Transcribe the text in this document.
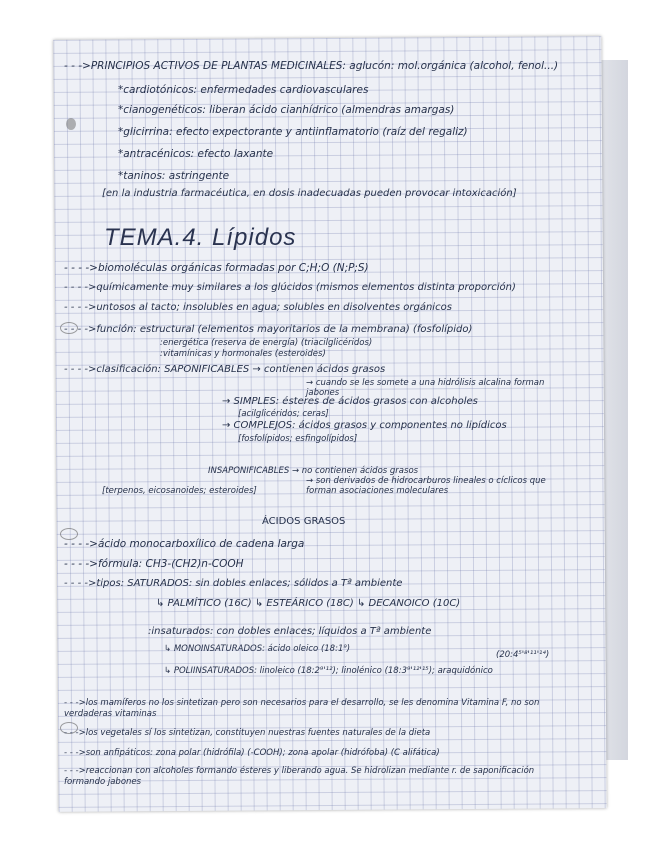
- - ->PRINCIPIOS ACTIVOS DE PLANTAS MEDICINALES: aglucón: mol.orgánica (alcohol, fenol...)
*cardiotónicos: enfermedades cardiovasculares
*cianogenéticos: liberan ácido cianhídrico (almendras amargas)
*glicirrina: efecto expectorante y antiinflamatorio (raíz del regaliz)
*antracénicos: efecto laxante
*taninos: astringente
[en la industria farmacéutica, en dosis inadecuadas pueden provocar intoxicación]
TEMA.4. Lípidos
- - - ->biomoléculas orgánicas formadas por C;H;O (N;P;S)
- - - ->químicamente muy similares a los glúcidos (mismos elementos distinta proporción)
- - - ->untosos al tacto; insolubles en agua; solubles en disolventes orgánicos
- - - ->función: estructural (elementos mayoritarios de la membrana) (fosfolípido)
:energética (reserva de energía) (triacilglicéridos)
:vitamínicas y hormonales (esteroides)
- - - ->clasificación: SAPONIFICABLES → contienen ácidos grasos
→ cuando se les somete a una hidrólisis alcalina forman jabones
→ SIMPLES: ésteres de ácidos grasos con alcoholes
[acilglicéridos; ceras]
→ COMPLEJOS: ácidos grasos y componentes no lipídicos
[fosfolípidos; esfingolípidos]
INSAPONIFICABLES → no contienen ácidos grasos
→ son derivados de hidrocarburos lineales o cíclicos que forman asociaciones moleculares
[terpenos, eicosanoides; esteroides]
ÁCIDOS GRASOS
- - - ->ácido monocarboxílico de cadena larga
- - - ->fórmula: CH3-(CH2)n-COOH
- - - ->tipos: SATURADOS: sin dobles enlaces; sólidos a Tª ambiente
↳ PALMÍTICO (16C) ↳ ESTEÁRICO (18C) ↳ DECANOICO (10C)
:insaturados: con dobles enlaces; líquidos a Tª ambiente
↳ MONOINSATURADOS: ácido oleico (18:1⁹)
(20:4⁵'⁸'¹¹'¹⁴)
↳ POLIINSATURADOS: linoleico (18:2⁹'¹²); linolénico (18:3⁹'¹²'¹⁵); araquidónico
- - ->los mamíferos no los sintetizan pero son necesarios para el desarrollo, se les denomina Vitamina F, no son verdaderas vitaminas
- - ->los vegetales sí los sintetizan, constituyen nuestras fuentes naturales de la dieta
- - ->son anfipáticos: zona polar (hidrófila) (-COOH); zona apolar (hidrófoba) (C alifática)
- - ->reaccionan con alcoholes formando ésteres y liberando agua. Se hidrolizan mediante r. de saponificación formando jabones
